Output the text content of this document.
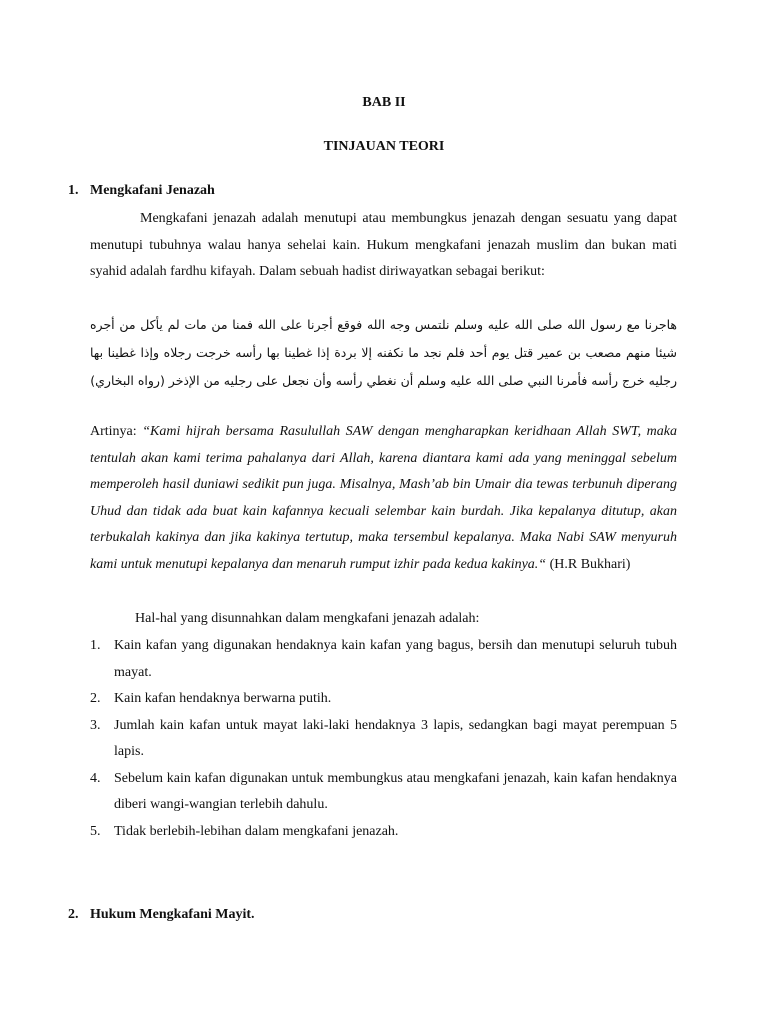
BAB II
TINJAUAN TEORI
1. Mengkafani Jenazah
Mengkafani jenazah adalah menutupi atau membungkus jenazah dengan sesuatu yang dapat menutupi tubuhnya walau hanya sehelai kain. Hukum mengkafani jenazah muslim dan bukan mati syahid adalah fardhu kifayah. Dalam sebuah hadist diriwayatkan sebagai berikut:
هاجرنا مع رسول الله صلى الله عليه وسلم نلتمس وجه الله فوقع أجرنا على الله فمنا من مات لم يأكل من أجره شيئا منهم مصعب بن عمير قتل يوم أحد فلم نجد ما نكفنه إلا بردة إذا غطينا بها رأسه خرجت رجلاه وإذا غطينا بها رجليه خرج رأسه فأمرنا النبي صلى الله عليه وسلم أن نغطي رأسه وأن نجعل على رجليه من الإذخر (رواه البخاري)
Artinya: “Kami hijrah bersama Rasulullah SAW dengan mengharapkan keridhaan Allah SWT, maka tentulah akan kami terima pahalanya dari Allah, karena diantara kami ada yang meninggal sebelum memperoleh hasil duniawi sedikit pun juga. Misalnya, Mash’ab bin Umair dia tewas terbunuh diperang Uhud dan tidak ada buat kain kafannya kecuali selembar kain burdah. Jika kepalanya ditutup, akan terbukalah kakinya dan jika kakinya tertutup, maka tersembul kepalanya. Maka Nabi SAW menyuruh kami untuk menutupi kepalanya dan menaruh rumput izhir pada kedua kakinya.“ (H.R Bukhari)
Hal-hal yang disunnahkan dalam mengkafani jenazah adalah:
1. Kain kafan yang digunakan hendaknya kain kafan yang bagus, bersih dan menutupi seluruh tubuh mayat.
2. Kain kafan hendaknya berwarna putih.
3. Jumlah kain kafan untuk mayat laki-laki hendaknya 3 lapis, sedangkan bagi mayat perempuan 5 lapis.
4. Sebelum kain kafan digunakan untuk membungkus atau mengkafani jenazah, kain kafan hendaknya diberi wangi-wangian terlebih dahulu.
5. Tidak berlebih-lebihan dalam mengkafani jenazah.
2. Hukum Mengkafani Mayit.
